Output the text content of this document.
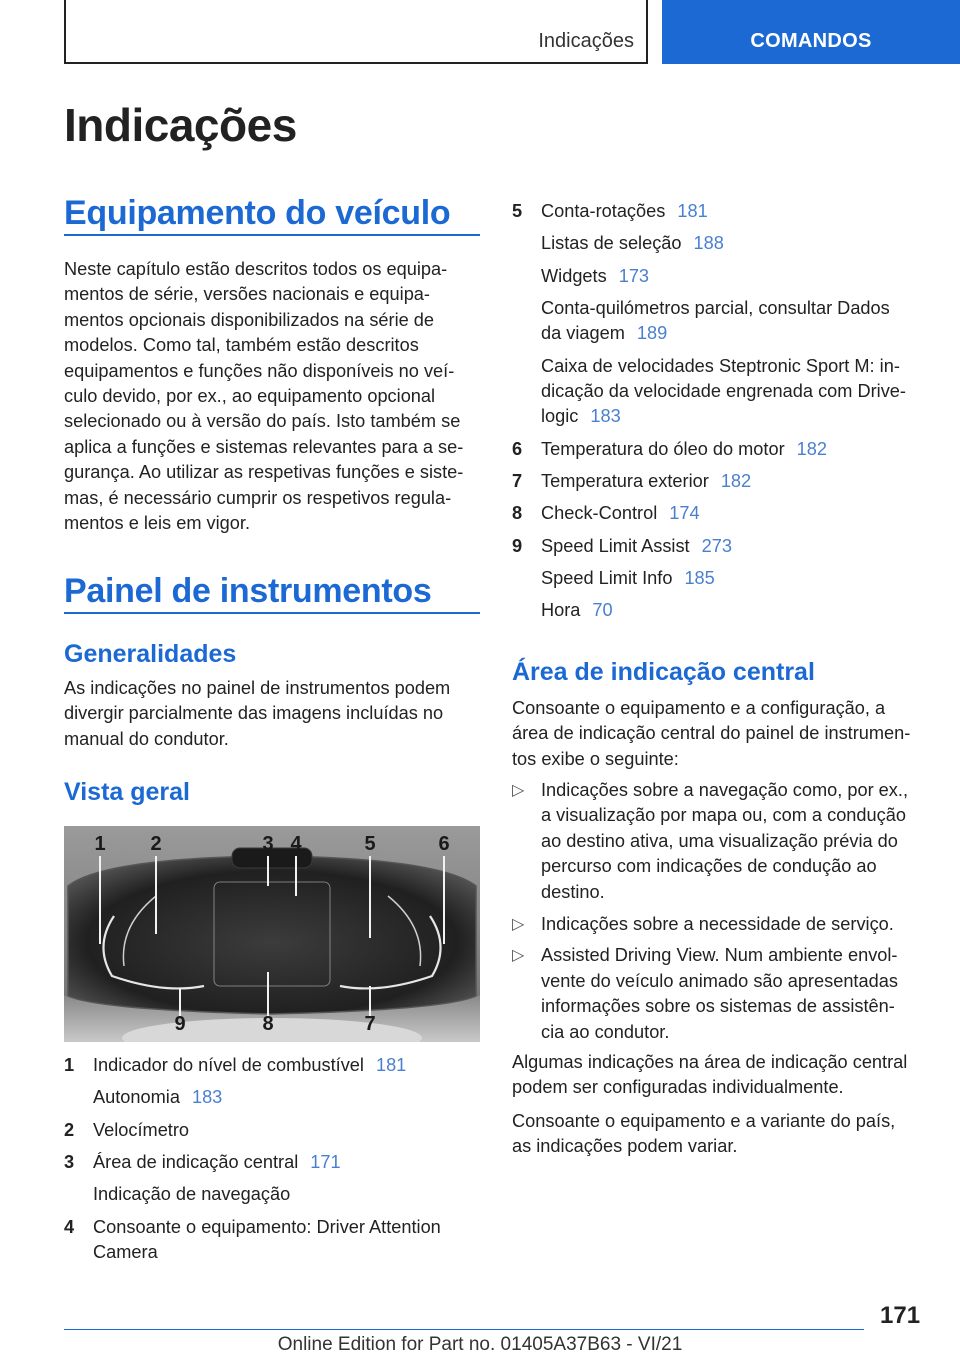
Indicações	COMANDOS
Indicações
Equipamento do veículo
Neste capítulo estão descritos todos os equipa‐
mentos de série, versões nacionais e equipa‐
mentos opcionais disponibilizados na série de
modelos. Como tal, também estão descritos
equipamentos e funções não disponíveis no veí‐
culo devido, por ex., ao equipamento opcional
selecionado ou à versão do país. Isto também se
aplica a funções e sistemas relevantes para a se‐
gurança. Ao utilizar as respetivas funções e siste‐
mas, é necessário cumprir os respetivos regula‐
mentos e leis em vigor.
Painel de instrumentos
Generalidades
As indicações no painel de instrumentos podem
divergir parcialmente das imagens incluídas no
manual do condutor.
Vista geral
1 2	3 4	5	6
9	8	7
1	Indicador do nível de combustível 181
Autonomia 183
2	Velocímetro
3	Área de indicação central 171
Indicação de navegação
4	Consoante o equipamento: Driver Attention
Camera
5	Conta-rotações 181
Listas de seleção 188
Widgets 173
Conta-quilómetros parcial, consultar Dados
da viagem 189
Caixa de velocidades Steptronic Sport M: in‐
dicação da velocidade engrenada com Drive‐
logic 183
6	Temperatura do óleo do motor 182
7	Temperatura exterior 182
8	Check-Control 174
9	Speed Limit Assist 273
Speed Limit Info 185
Hora 70
Área de indicação central
Consoante o equipamento e a configuração, a
área de indicação central do painel de instrumen‐
tos exibe o seguinte:
▷ Indicações sobre a navegação como, por ex.,
a visualização por mapa ou, com a condução
ao destino ativa, uma visualização prévia do
percurso com indicações de condução ao
destino.
▷ Indicações sobre a necessidade de serviço.
▷ Assisted Driving View. Num ambiente envol‐
vente do veículo animado são apresentadas
informações sobre os sistemas de assistên‐
cia ao condutor.
Algumas indicações na área de indicação central
podem ser configuradas individualmente.
Consoante o equipamento e a variante do país,
as indicações podem variar.
171
Online Edition for Part no. 01405A37B63 - VI/21
